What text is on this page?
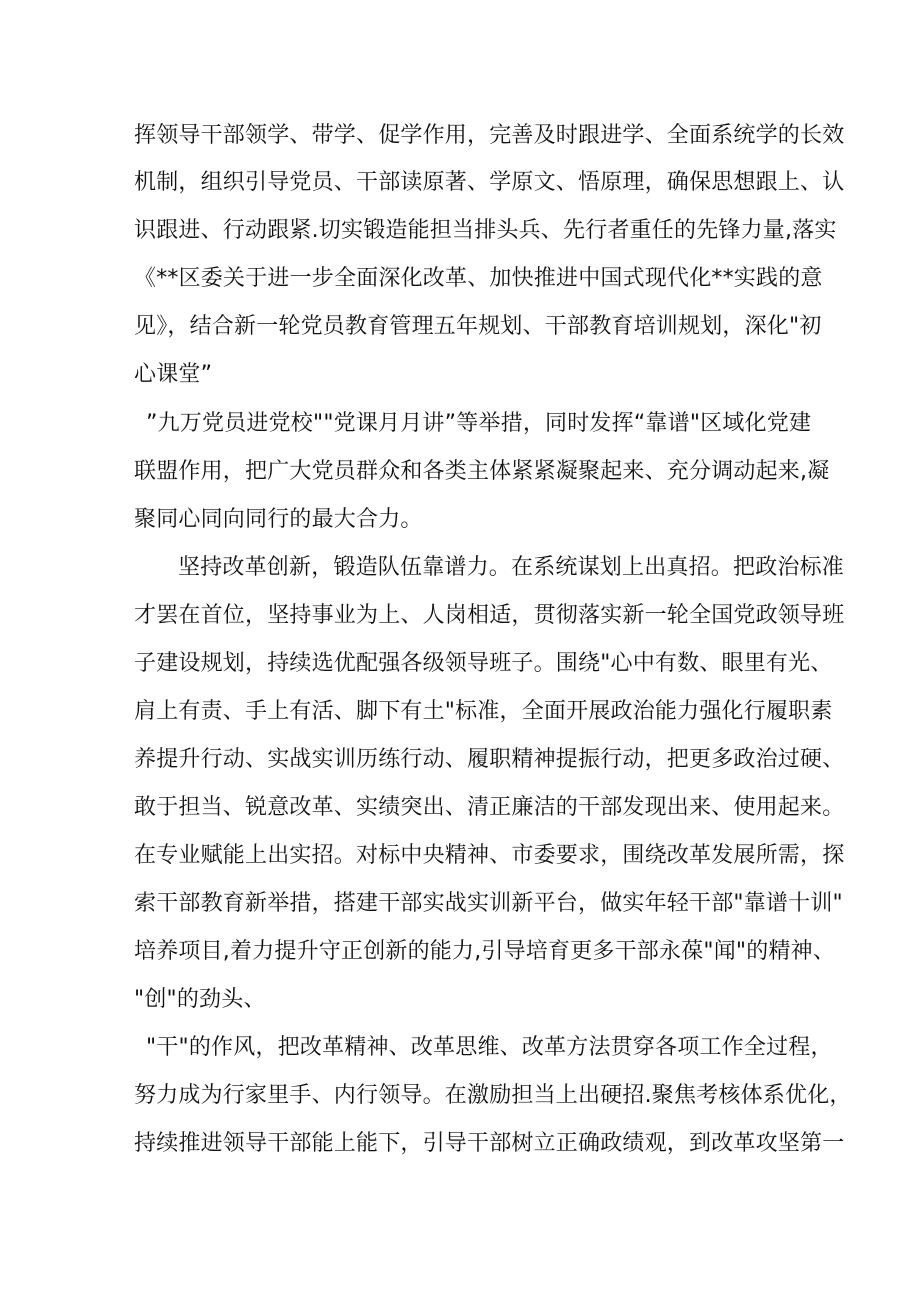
挥领导干部领学、带学、促学作用，完善及时跟进学、全面系统学的长效
机制，组织引导党员、干部读原著、学原文、悟原理，确保思想跟上、认
识跟进、行动跟紧.切实锻造能担当排头兵、先行者重任的先锋力量,落实
《**区委关于进一步全面深化改革、加快推进中国式现代化**实践的意
见》，结合新一轮党员教育管理五年规划、干部教育培训规划，深化"初
心课堂”
”九万党员进党校""党课月月讲”等举措，同时发挥“靠谱"区域化党建
联盟作用，把广大党员群众和各类主体紧紧凝聚起来、充分调动起来,凝
聚同心同向同行的最大合力。
坚持改革创新，锻造队伍靠谱力。在系统谋划上出真招。把政治标准
才罢在首位，坚持事业为上、人岗相适，贯彻落实新一轮全国党政领导班
子建设规划，持续选优配强各级领导班子。围绕"心中有数、眼里有光、
肩上有责、手上有活、脚下有土"标准，全面开展政治能力强化行履职素
养提升行动、实战实训历练行动、履职精神提振行动，把更多政治过硬、
敢于担当、锐意改革、实绩突出、清正廉洁的干部发现出来、使用起来。
在专业赋能上出实招。对标中央精神、市委要求，围绕改革发展所需，探
索干部教育新举措，搭建干部实战实训新平台，做实年轻干部"靠谱十训"
培养项目,着力提升守正创新的能力,引导培育更多干部永葆"闻"的精神、
"创"的劲头、
"干"的作风，把改革精神、改革思维、改革方法贯穿各项工作全过程，
努力成为行家里手、内行领导。在激励担当上出硬招.聚焦考核体系优化，
持续推进领导干部能上能下，引导干部树立正确政绩观，到改革攻坚第一
